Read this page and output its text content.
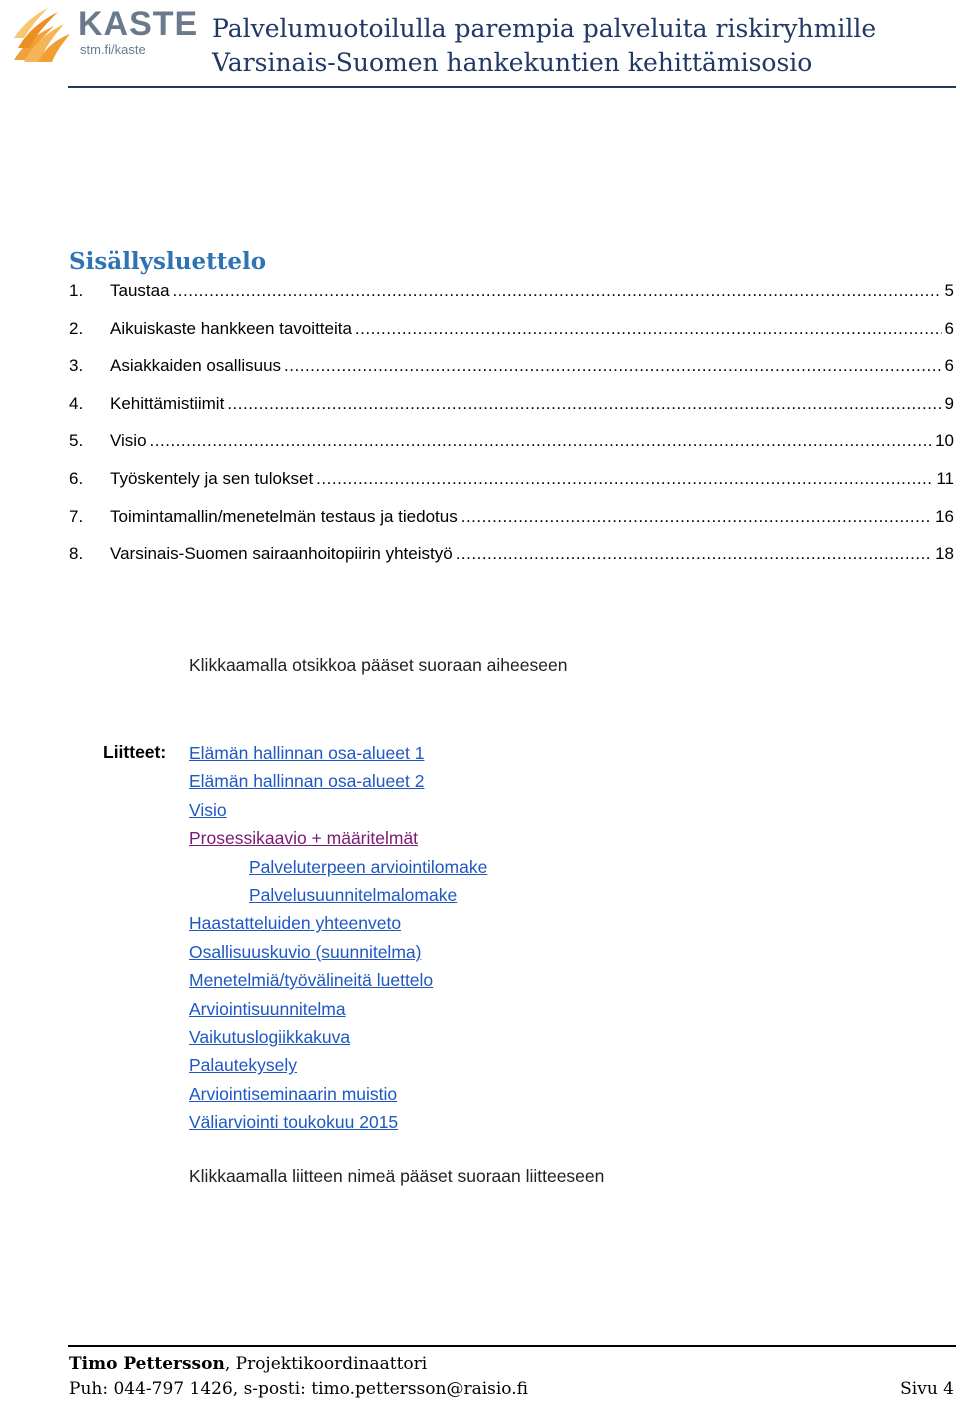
KASTE
stm.fi/kaste
Palvelumuotoilulla parempia palveluita riskiryhmille
Varsinais-Suomen hankekuntien kehittämisosio
Sisällysluettelo
1.	Taustaa .....	5
2.	Aikuiskaste hankkeen tavoitteita .....	6
3.	Asiakkaiden osallisuus .....	6
4.	Kehittämistiimit .....	9
5.	Visio .....	10
6.	Työskentely ja sen tulokset .....	11
7.	Toimintamallin/menetelmän testaus ja tiedotus .....	16
8.	Varsinais-Suomen sairaanhoitopiirin yhteistyö .....	18
Klikkaamalla otsikkoa pääset suoraan aiheeseen
Liitteet: Elämän hallinnan osa-alueet 1
Elämän hallinnan osa-alueet 2
Visio
Prosessikaavio + määritelmät
Palveluterpeen arviointilomake
Palvelusuunnitelmalomake
Haastatteluiden yhteenveto
Osallisuuskuvio (suunnitelma)
Menetelmiä/työvälineitä luettelo
Arviointisuunnitelma
Vaikutuslogiikkakuva
Palautekysely
Arviointiseminaarin muistio
Väliarviointi toukokuu 2015
Klikkaamalla liitteen nimeä pääset suoraan liitteeseen
Timo Pettersson, Projektikoordinaattori
Puh: 044-797 1426, s-posti: timo.pettersson@raisio.fi	Sivu 4
